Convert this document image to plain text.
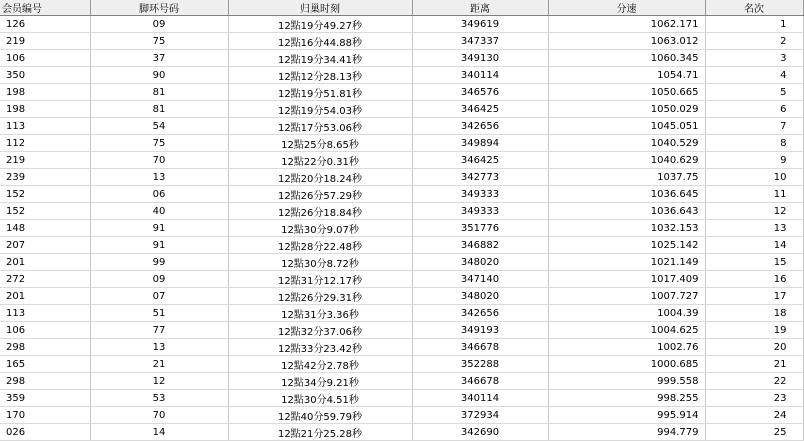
会员编号	脚环号码	归巢时刻	距离	分速	名次
126	09	12點19分49.27秒	349619	1062.171	1
219	75	12點16分44.88秒	347337	1063.012	2
106	37	12點19分34.41秒	349130	1060.345	3
350	90	12點12分28.13秒	340114	1054.71	4
198	81	12點19分51.81秒	346576	1050.665	5
198	81	12點19分54.03秒	346425	1050.029	6
113	54	12點17分53.06秒	342656	1045.051	7
112	75	12點25分8.65秒	349894	1040.529	8
219	70	12點22分0.31秒	346425	1040.629	9
239	13	12點20分18.24秒	342773	1037.75	10
152	06	12點26分57.29秒	349333	1036.645	11
152	40	12點26分18.84秒	349333	1036.643	12
148	91	12點30分9.07秒	351776	1032.153	13
207	91	12點28分22.48秒	346882	1025.142	14
201	99	12點30分8.72秒	348020	1021.149	15
272	09	12點31分12.17秒	347140	1017.409	16
201	07	12點26分29.31秒	348020	1007.727	17
113	51	12點31分3.36秒	342656	1004.39	18
106	77	12點32分37.06秒	349193	1004.625	19
298	13	12點33分23.42秒	346678	1002.76	20
165	21	12點42分2.78秒	352288	1000.685	21
298	12	12點34分9.21秒	346678	999.558	22
359	53	12點30分4.51秒	340114	998.255	23
170	70	12點40分59.79秒	372934	995.914	24
026	14	12點21分25.28秒	342690	994.779	25
